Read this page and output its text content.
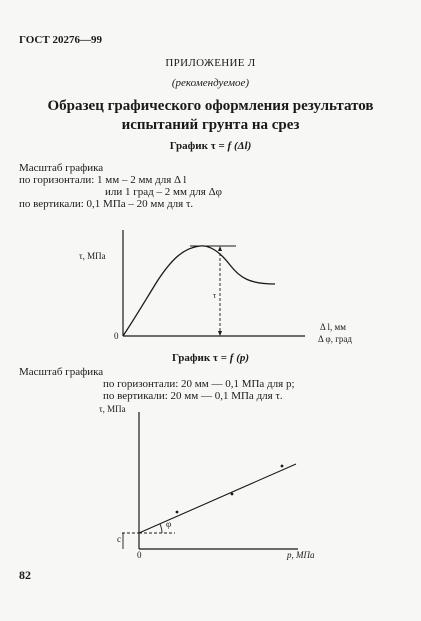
ГОСТ 20276—99
ПРИЛОЖЕНИЕ Л
(рекомендуемое)
Образец графического оформления результатов
испытаний грунта на срез
График τ = f (Δl)
Масштаб графика
по горизонтали: 1 мм – 2 мм для Δ l
или 1 град – 2 мм для Δφ
по вертикали: 0,1 МПа – 20 мм для τ.
τ, МПа
0
τ
Δ l, мм
Δ φ, град
График τ = f (p)
Масштаб графика
по горизонтали: 20 мм — 0,1 МПа для p;
по вертикали: 20 мм — 0,1 МПа для τ.
τ, МПа
c
0
φ
p, МПа
82
